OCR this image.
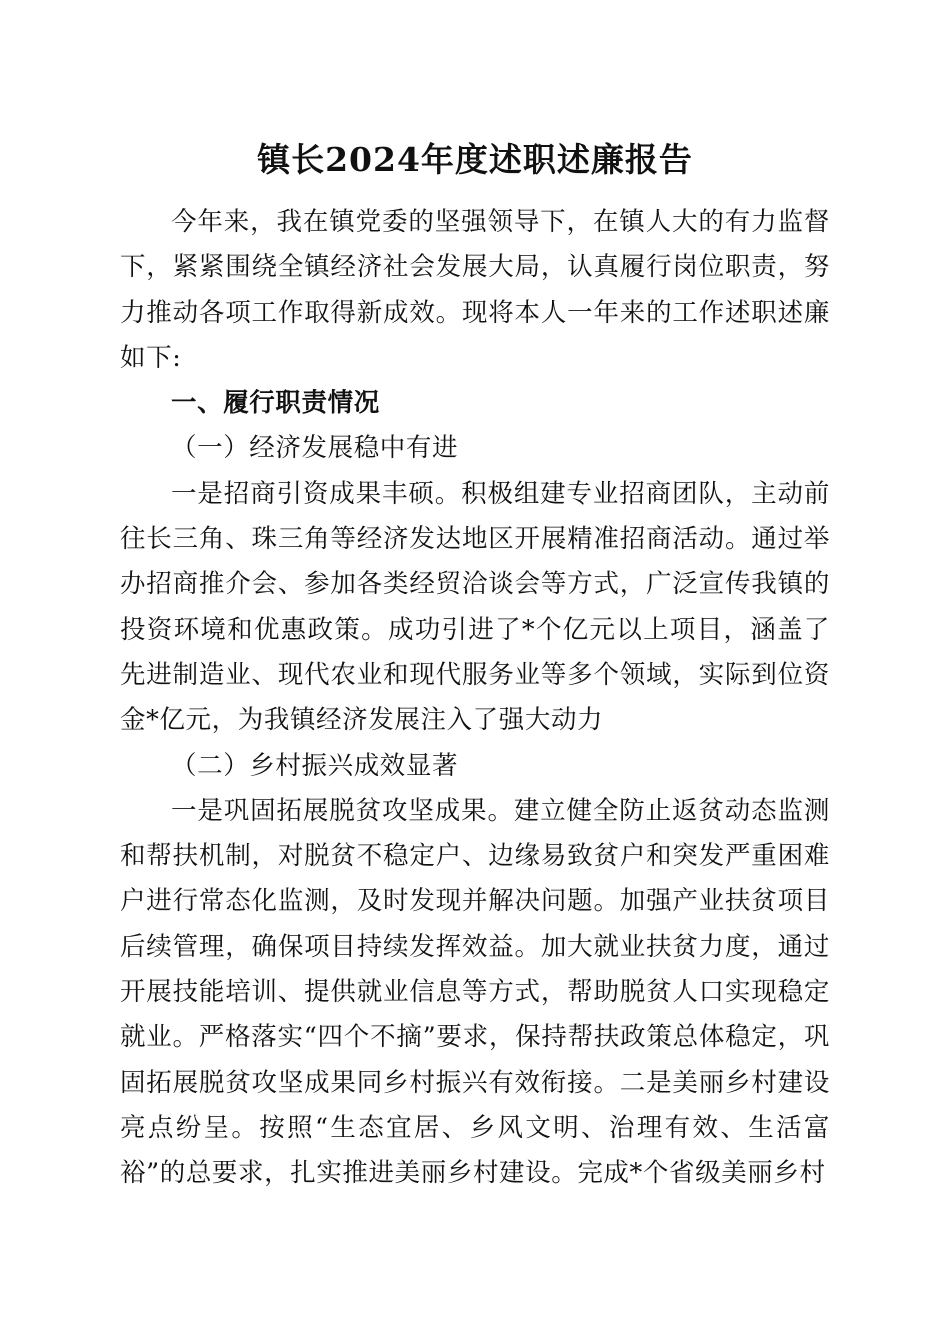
镇长2024年度述职述廉报告

今年来，我在镇党委的坚强领导下，在镇人大的有力监督下，紧紧围绕全镇经济社会发展大局，认真履行岗位职责，努力推动各项工作取得新成效。现将本人一年来的工作述职述廉如下:

一、履行职责情况

（一）经济发展稳中有进

一是招商引资成果丰硕。积极组建专业招商团队，主动前往长三角、珠三角等经济发达地区开展精准招商活动。通过举办招商推介会、参加各类经贸洽谈会等方式，广泛宣传我镇的投资环境和优惠政策。成功引进了*个亿元以上项目，涵盖了先进制造业、现代农业和现代服务业等多个领域，实际到位资金*亿元，为我镇经济发展注入了强大动力

（二）乡村振兴成效显著

一是巩固拓展脱贫攻坚成果。建立健全防止返贫动态监测和帮扶机制，对脱贫不稳定户、边缘易致贫户和突发严重困难户进行常态化监测，及时发现并解决问题。加强产业扶贫项目后续管理，确保项目持续发挥效益。加大就业扶贫力度，通过开展技能培训、提供就业信息等方式，帮助脱贫人口实现稳定就业。严格落实“四个不摘”要求，保持帮扶政策总体稳定，巩固拓展脱贫攻坚成果同乡村振兴有效衔接。二是美丽乡村建设亮点纷呈。按照“生态宜居、乡风文明、治理有效、生活富裕”的总要求，扎实推进美丽乡村建设。完成*个省级美丽乡村
